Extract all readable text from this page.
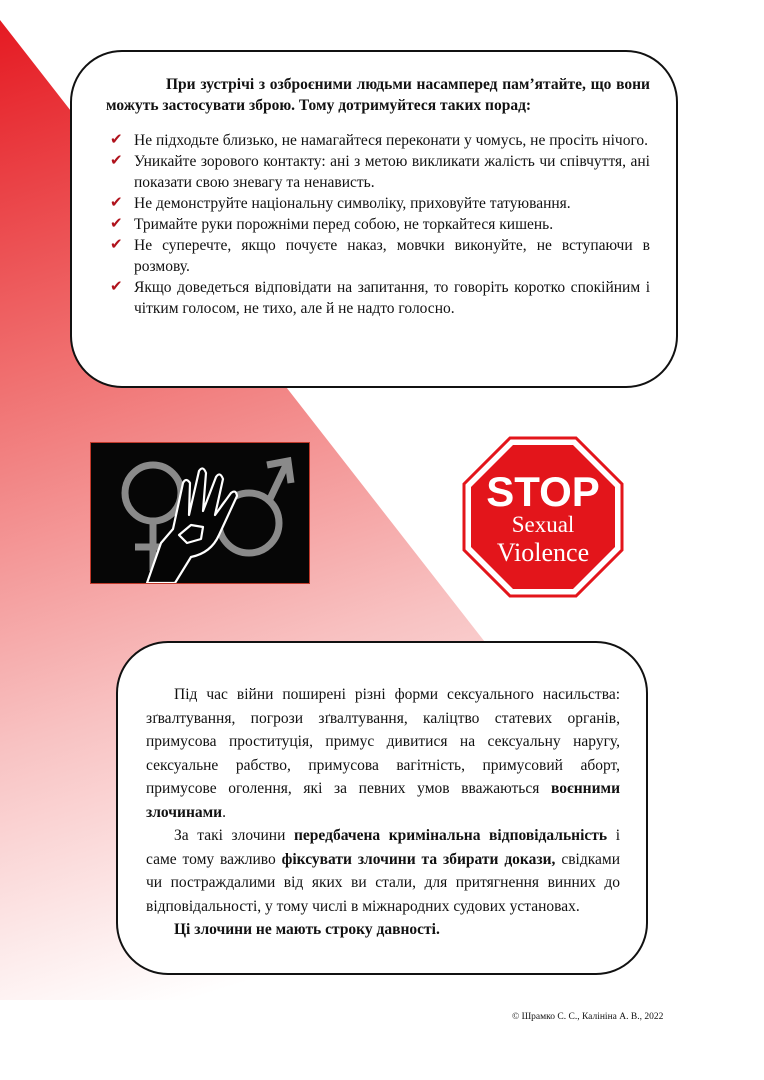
При зустрічі з озброєними людьми насамперед пам’ятайте, що вони можуть застосувати зброю. Тому дотримуйтеся таких порад:

✔ Не підходьте близько, не намагайтеся переконати у чомусь, не просіть нічого.
✔ Уникайте зорового контакту: ані з метою викликати жалість чи співчуття, ані показати свою зневагу та ненависть.
✔ Не демонструйте національну символіку, приховуйте татуювання.
✔ Тримайте руки порожніми перед собою, не торкайтеся кишень.
✔ Не суперечте, якщо почуєте наказ, мовчки виконуйте, не вступаючи в розмову.
✔ Якщо доведеться відповідати на запитання, то говоріть коротко спокійним і чітким голосом, не тихо, але й не надто голосно.
STOP
Sexual
Violence

Під час війни поширені різні форми сексуального насильства: зґвалтування, погрози зґвалтування, каліцтво статевих органів, примусова проституція, примус дивитися на сексуальну наругу, сексуальне рабство, примусова вагітність, примусовий аборт, примусове оголення, які за певних умов вважаються воєнними злочинами.

За такі злочини передбачена кримінальна відповідальність і саме тому важливо фіксувати злочини та збирати докази, свідками чи постраждалими від яких ви стали, для притягнення винних до відповідальності, у тому числі в міжнародних судових установах.

Ці злочини не мають строку давності.

© Шрамко С. С., Калініна А. В., 2022
